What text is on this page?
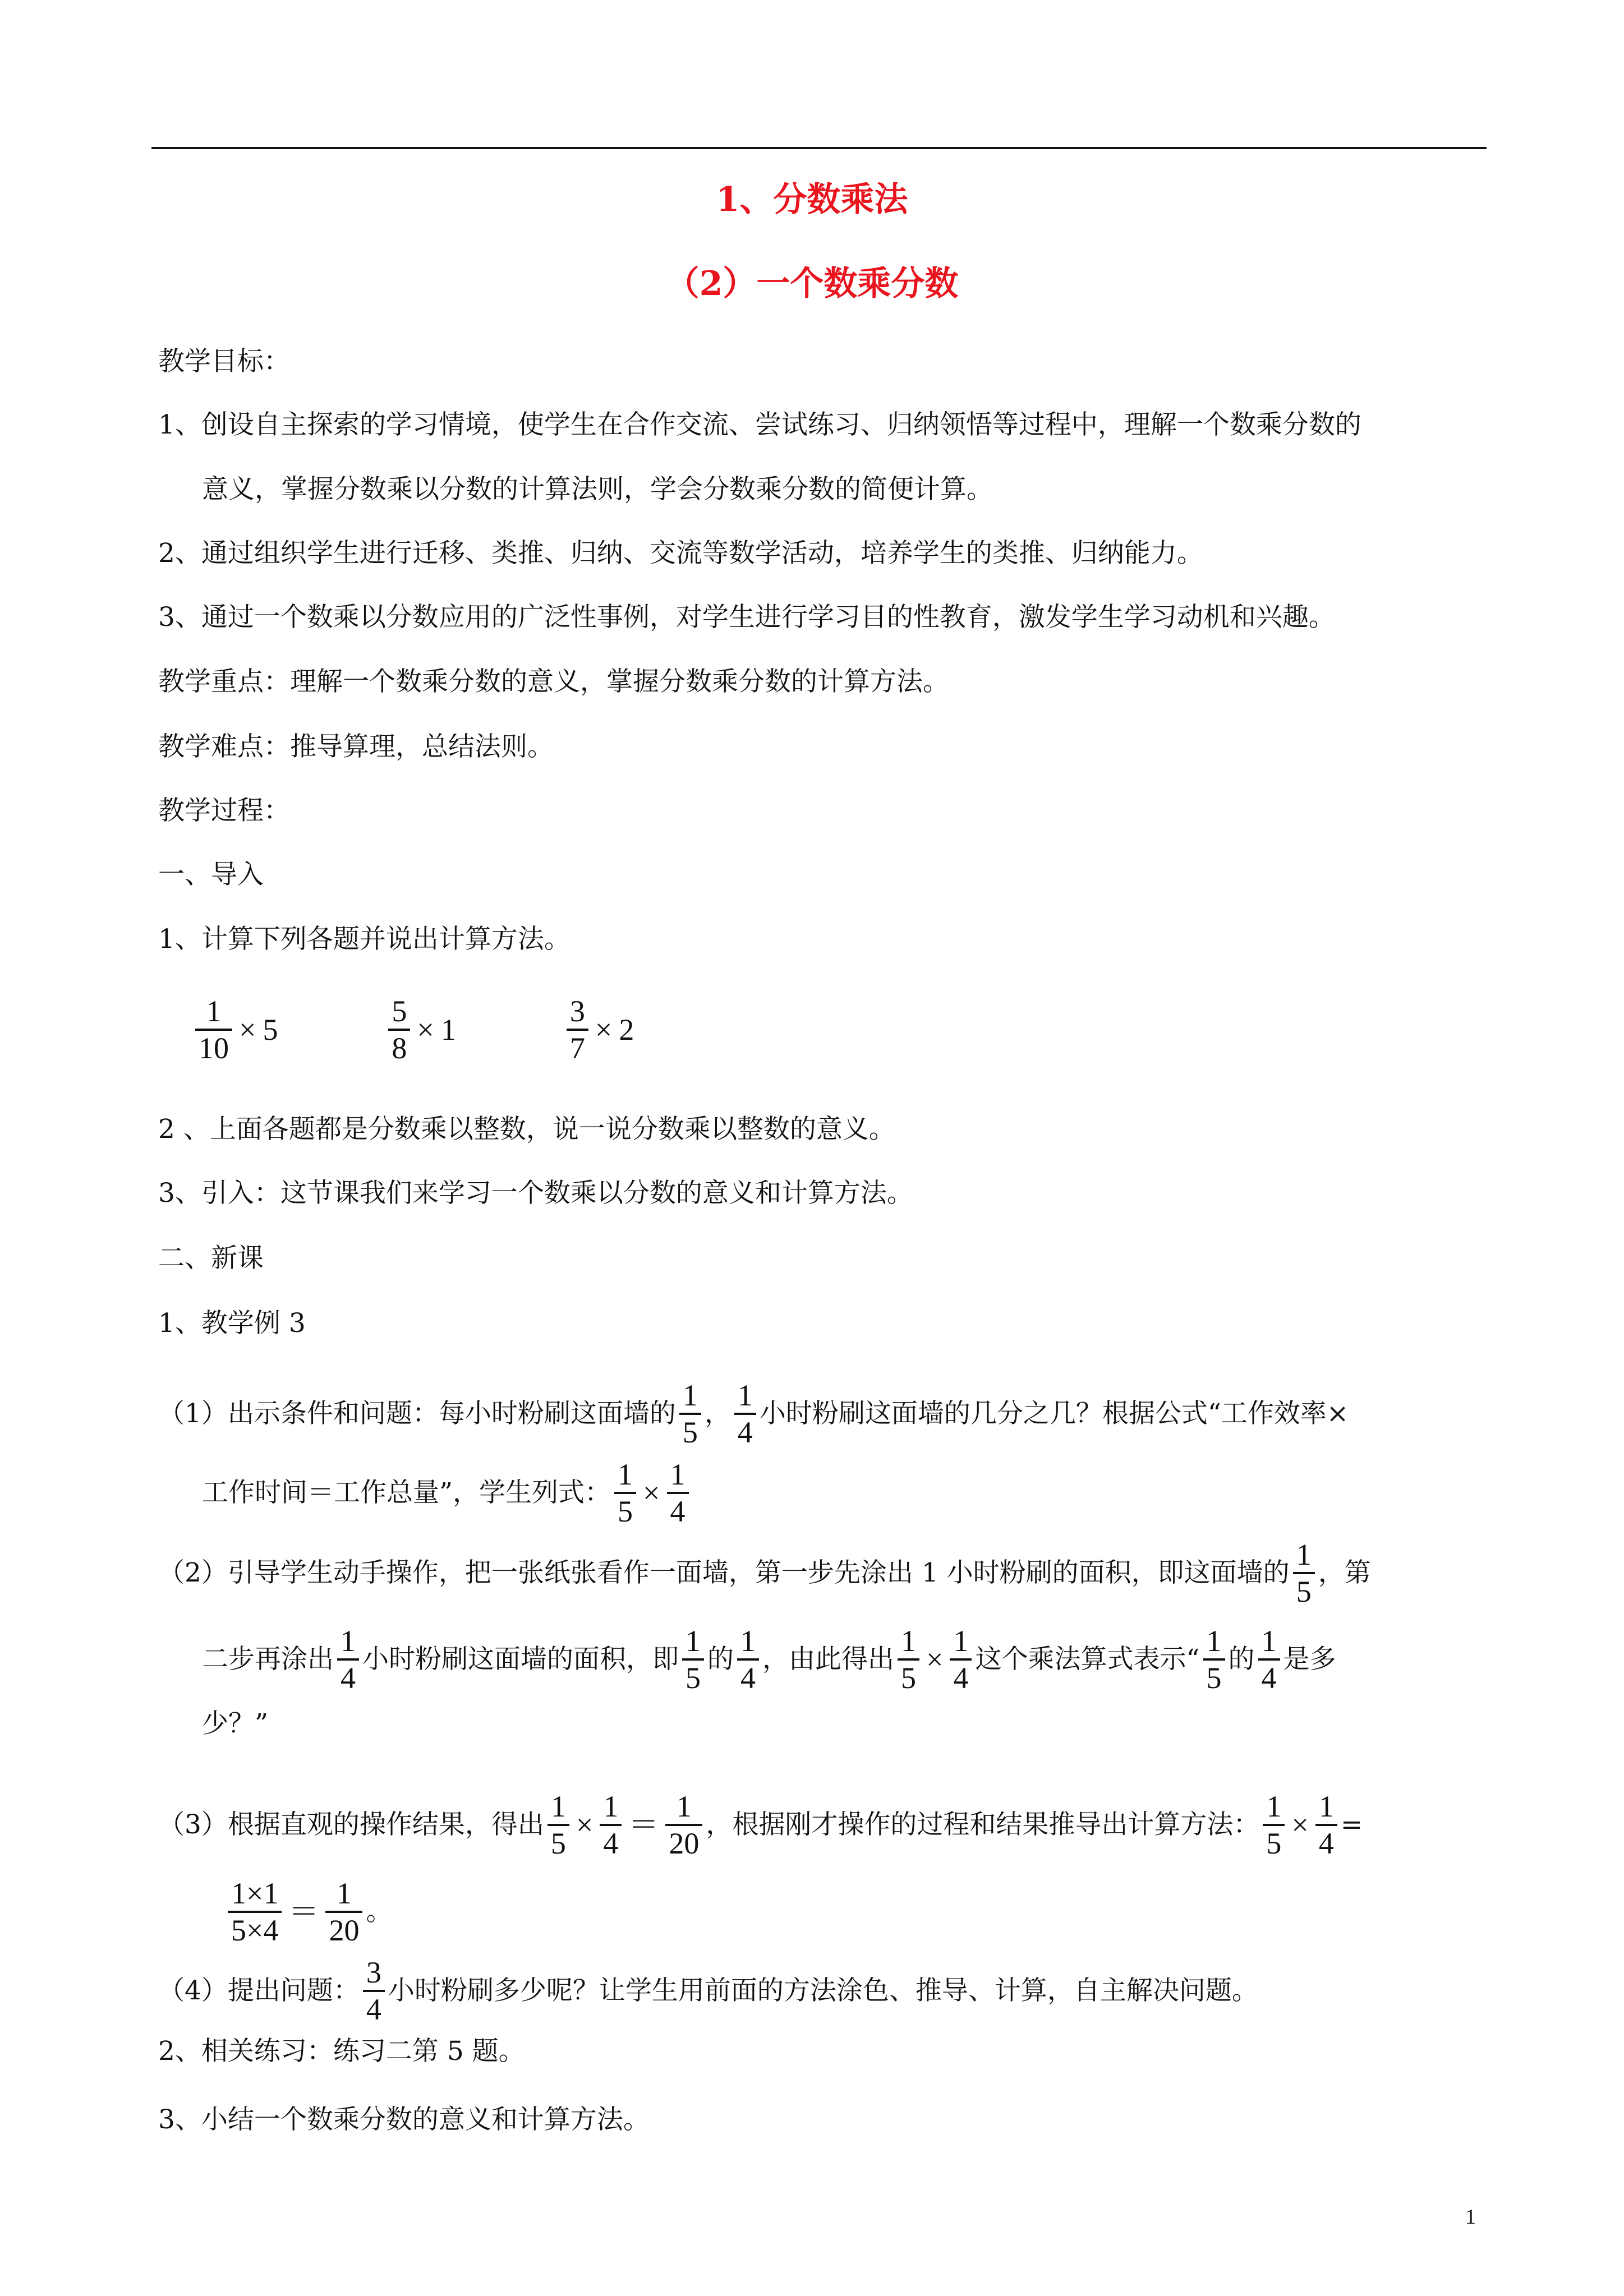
1、分数乘法
（2）一个数乘分数
教学目标：
1、创设自主探索的学习情境，使学生在合作交流、尝试练习、归纳领悟等过程中，理解一个数乘分数的
意义，掌握分数乘以分数的计算法则，学会分数乘分数的简便计算。
2、通过组织学生进行迁移、类推、归纳、交流等数学活动，培养学生的类推、归纳能力。
3、通过一个数乘以分数应用的广泛性事例，对学生进行学习目的性教育，激发学生学习动机和兴趣。
教学重点：理解一个数乘分数的意义，掌握分数乘分数的计算方法。
教学难点：推导算理，总结法则。
教学过程：
一、导入
1、计算下列各题并说出计算方法。
$\frac{1}{10} \times 5$	$\frac{5}{8} \times 1$	$\frac{3}{7} \times 2$
2 、上面各题都是分数乘以整数，说一说分数乘以整数的意义。
3、引入：这节课我们来学习一个数乘以分数的意义和计算方法。
二、新课
1、教学例 3
（1）出示条件和问题：每小时粉刷这面墙的 $\frac{1}{5}$ ， $\frac{1}{4}$ 小时粉刷这面墙的几分之几？根据公式“工作效率×
工作时间＝工作总量”，学生列式： $\frac{1}{5} \times \frac{1}{4}$
（2）引导学生动手操作，把一张纸张看作一面墙，第一步先涂出 1 小时粉刷的面积，即这面墙的 $\frac{1}{5}$ ，第
二步再涂出 $\frac{1}{4}$ 小时粉刷这面墙的面积，即 $\frac{1}{5}$ 的 $\frac{1}{4}$ ，由此得出 $\frac{1}{5} \times \frac{1}{4}$ 这个乘法算式表示“ $\frac{1}{5}$ 的 $\frac{1}{4}$ 是多
少？”
（3）根据直观的操作结果，得出 $\frac{1}{5} \times \frac{1}{4} = \frac{1}{20}$ ，根据刚才操作的过程和结果推导出计算方法： $\frac{1}{5} \times \frac{1}{4}$ =
$\frac{1\times 1}{5\times 4} = \frac{1}{20}$ 。
（4）提出问题： $\frac{3}{4}$ 小时粉刷多少呢？让学生用前面的方法涂色、推导、计算，自主解决问题。
2、相关练习：练习二第 5 题。
3、小结一个数乘分数的意义和计算方法。
1
